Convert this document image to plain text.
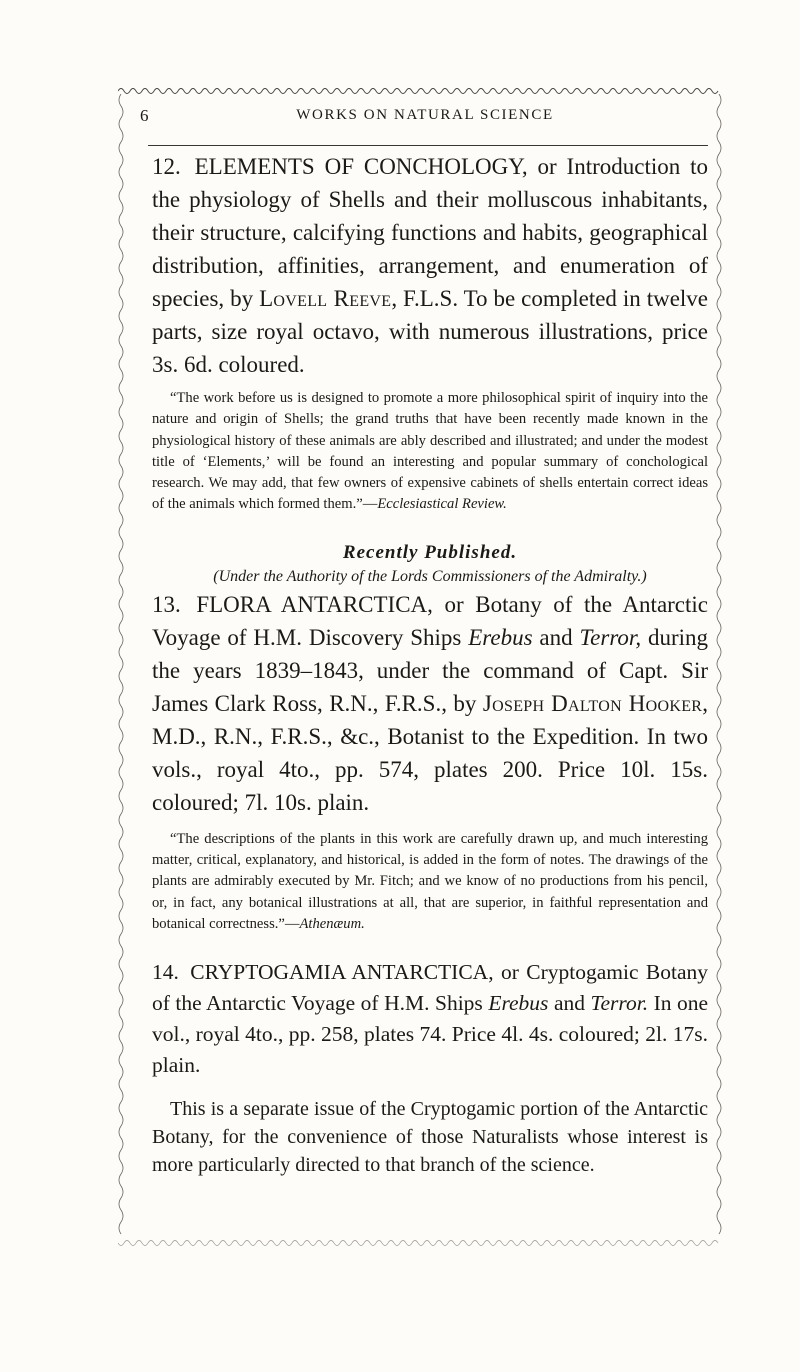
6	WORKS ON NATURAL SCIENCE

12. ELEMENTS OF CONCHOLOGY, or Introduction to the physiology of Shells and their molluscous inhabitants, their structure, calcifying functions and habits, geographical distribution, affinities, arrangement, and enumeration of species, by Lovell Reeve, F.L.S. To be completed in twelve parts, size royal octavo, with numerous illustrations, price 3s. 6d. coloured.

“The work before us is designed to promote a more philosophical spirit of inquiry into the nature and origin of Shells; the grand truths that have been recently made known in the physiological history of these animals are ably described and illustrated; and under the modest title of ‘Elements,’ will be found an interesting and popular summary of conchological research. We may add, that few owners of expensive cabinets of shells entertain correct ideas of the animals which formed them.”—Ecclesiastical Review.

Recently Published.

(Under the Authority of the Lords Commissioners of the Admiralty.)

13. FLORA ANTARCTICA, or Botany of the Antarctic Voyage of H.M. Discovery Ships Erebus and Terror, during the years 1839–1843, under the command of Capt. Sir James Clark Ross, R.N., F.R.S., by Joseph Dalton Hooker, M.D., R.N., F.R.S., &c., Botanist to the Expedition. In two vols., royal 4to., pp. 574, plates 200. Price 10l. 15s. coloured; 7l. 10s. plain.

“The descriptions of the plants in this work are carefully drawn up, and much interesting matter, critical, explanatory, and historical, is added in the form of notes. The drawings of the plants are admirably executed by Mr. Fitch; and we know of no productions from his pencil, or, in fact, any botanical illustrations at all, that are superior, in faithful representation and botanical correctness.”—Athenæum.

14. CRYPTOGAMIA ANTARCTICA, or Cryptogamic Botany of the Antarctic Voyage of H.M. Ships Erebus and Terror. In one vol., royal 4to., pp. 258, plates 74. Price 4l. 4s. coloured; 2l. 17s. plain.

This is a separate issue of the Cryptogamic portion of the Antarctic Botany, for the convenience of those Naturalists whose interest is more particularly directed to that branch of the science.
